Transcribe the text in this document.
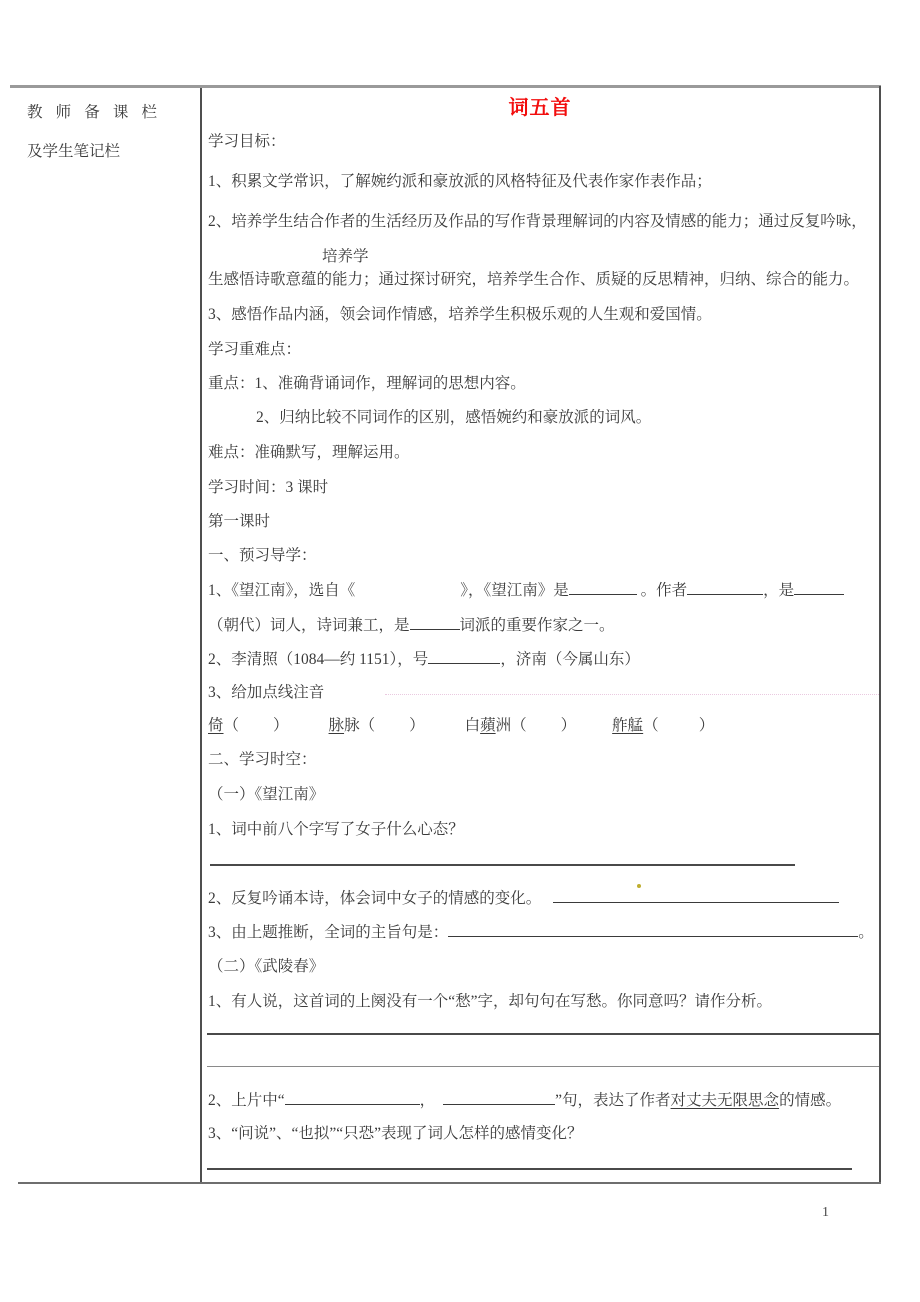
教 师 备 课 栏
及学生笔记栏
词五首
学习目标：
1、积累文学常识，了解婉约派和豪放派的风格特征及代表作家作表作品；
2、培养学生结合作者的生活经历及作品的写作背景理解词的内容及情感的能力；通过反复吟咏，
培养学
生感悟诗歌意蕴的能力；通过探讨研究，培养学生合作、质疑的反思精神，归纳、综合的能力。
3、感悟作品内涵，领会词作情感，培养学生积极乐观的人生观和爱国情。
学习重难点：
重点：1、准确背诵词作，理解词的思想内容。
2、归纳比较不同词作的区别，感悟婉约和豪放派的词风。
难点：准确默写，理解运用。
学习时间：3 课时
第一课时
一、预习导学：
1、《望江南》，选自《	》，《望江南》是	。作者	，是
（朝代）词人，诗词兼工，是	词派的重要作家之一。
2、李清照（1084—约 1151），号	，济南（今属山东）
3、给加点线注音
倚（ ）	脉脉（ ）	白蘋洲（ ） 舴艋（	）
二、学习时空：
（一）《望江南》
1、词中前八个字写了女子什么心态？
2、反复吟诵本诗，体会词中女子的情感的变化。
3、由上题推断，全词的主旨句是：	。
（二）《武陵春》
1、有人说，这首词的上阕没有一个“愁”字，却句句在写愁。你同意吗？请作分析。
2、上片中“	，	”句，表达了作者对丈夫无限思念的情感。
3、“问说”、“也拟”“只恐”表现了词人怎样的感情变化？
1
